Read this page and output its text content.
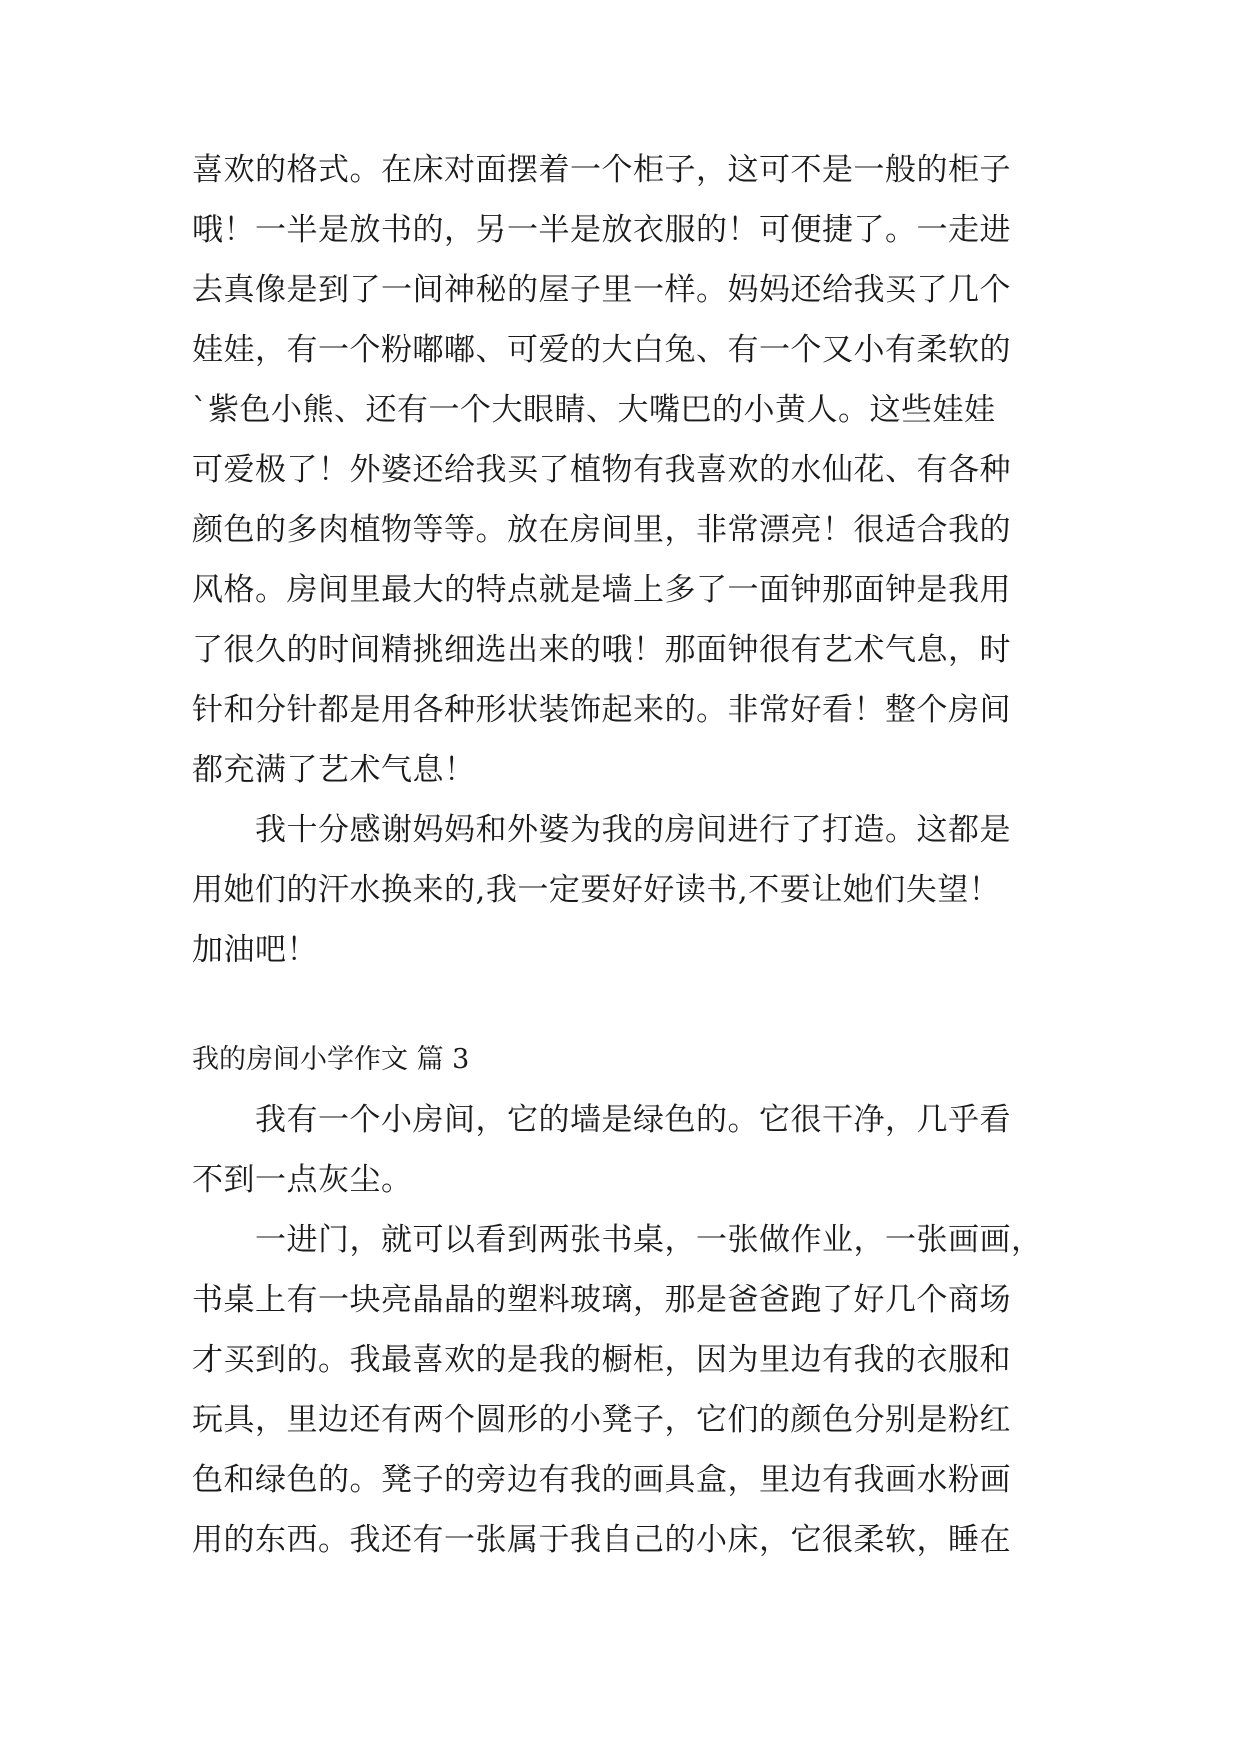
喜欢的格式。在床对面摆着一个柜子，这可不是一般的柜子
哦！一半是放书的，另一半是放衣服的！可便捷了。一走进
去真像是到了一间神秘的屋子里一样。妈妈还给我买了几个
娃娃，有一个粉嘟嘟、可爱的大白兔、有一个又小有柔软的
`紫色小熊、还有一个大眼睛、大嘴巴的小黄人。这些娃娃
可爱极了！外婆还给我买了植物有我喜欢的水仙花、有各种
颜色的多肉植物等等。放在房间里，非常漂亮！很适合我的
风格。房间里最大的特点就是墙上多了一面钟那面钟是我用
了很久的时间精挑细选出来的哦！那面钟很有艺术气息，时
针和分针都是用各种形状装饰起来的。非常好看！整个房间
都充满了艺术气息！
　　我十分感谢妈妈和外婆为我的房间进行了打造。这都是
用她们的汗水换来的,我一定要好好读书,不要让她们失望！
加油吧！
我的房间小学作文 篇 3
　　我有一个小房间，它的墙是绿色的。它很干净，几乎看
不到一点灰尘。
　　一进门，就可以看到两张书桌，一张做作业，一张画画，
书桌上有一块亮晶晶的塑料玻璃，那是爸爸跑了好几个商场
才买到的。我最喜欢的是我的橱柜，因为里边有我的衣服和
玩具，里边还有两个圆形的小凳子，它们的颜色分别是粉红
色和绿色的。凳子的旁边有我的画具盒，里边有我画水粉画
用的东西。我还有一张属于我自己的小床，它很柔软，睡在
